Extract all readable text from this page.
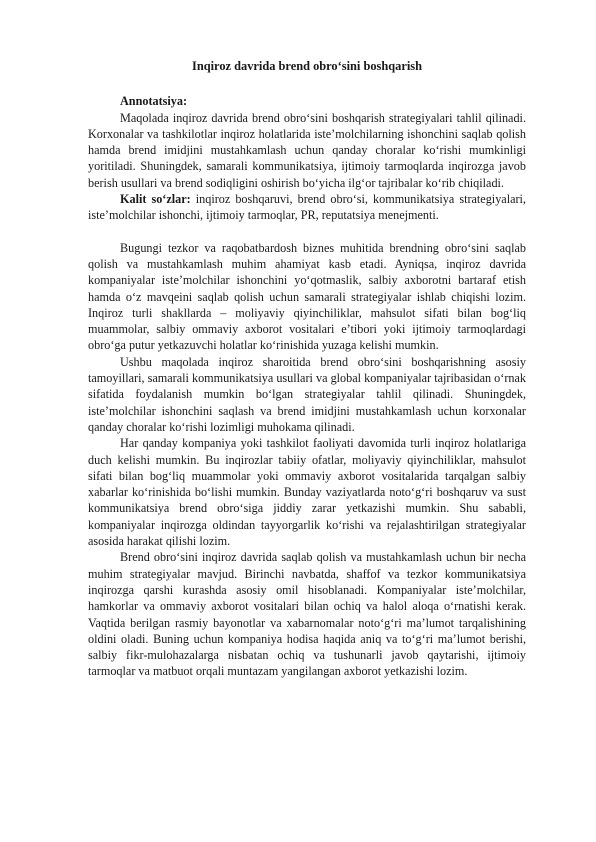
Inqiroz davrida brend obro‘sini boshqarish
Annotatsiya:

Maqolada inqiroz davrida brend obro‘sini boshqarish strategiyalari tahlil qilinadi. Korxonalar va tashkilotlar inqiroz holatlarida iste’molchilarning ishonchini saqlab qolish hamda brend imidjini mustahkamlash uchun qanday choralar ko‘rishi mumkinligi yoritiladi. Shuningdek, samarali kommunikatsiya, ijtimoiy tarmoqlarda inqirozga javob berish usullari va brend sodiqligini oshirish bo‘yicha ilg‘or tajribalar ko‘rib chiqiladi.

Kalit so‘zlar: inqiroz boshqaruvi, brend obro‘si, kommunikatsiya strategiyalari, iste’molchilar ishonchi, ijtimoiy tarmoqlar, PR, reputatsiya menejmenti.

Bugungi tezkor va raqobatbardosh biznes muhitida brendning obro‘sini saqlab qolish va mustahkamlash muhim ahamiyat kasb etadi. Ayniqsa, inqiroz davrida kompaniyalar iste’molchilar ishonchini yo‘qotmaslik, salbiy axborotni bartaraf etish hamda o‘z mavqeini saqlab qolish uchun samarali strategiyalar ishlab chiqishi lozim. Inqiroz turli shakllarda – moliyaviy qiyinchiliklar, mahsulot sifati bilan bog‘liq muammolar, salbiy ommaviy axborot vositalari e’tibori yoki ijtimoiy tarmoqlardagi obro‘ga putur yetkazuvchi holatlar ko‘rinishida yuzaga kelishi mumkin.

Ushbu maqolada inqiroz sharoitida brend obro‘sini boshqarishning asosiy tamoyillari, samarali kommunikatsiya usullari va global kompaniyalar tajribasidan o‘rnak sifatida foydalanish mumkin bo‘lgan strategiyalar tahlil qilinadi. Shuningdek, iste’molchilar ishonchini saqlash va brend imidjini mustahkamlash uchun korxonalar qanday choralar ko‘rishi lozimligi muhokama qilinadi.

Har qanday kompaniya yoki tashkilot faoliyati davomida turli inqiroz holatlariga duch kelishi mumkin. Bu inqirozlar tabiiy ofatlar, moliyaviy qiyinchiliklar, mahsulot sifati bilan bog‘liq muammolar yoki ommaviy axborot vositalarida tarqalgan salbiy xabarlar ko‘rinishida bo‘lishi mumkin. Bunday vaziyatlarda noto‘g‘ri boshqaruv va sust kommunikatsiya brend obro‘siga jiddiy zarar yetkazishi mumkin. Shu sababli, kompaniyalar inqirozga oldindan tayyorgarlik ko‘rishi va rejalashtirilgan strategiyalar asosida harakat qilishi lozim.

Brend obro‘sini inqiroz davrida saqlab qolish va mustahkamlash uchun bir necha muhim strategiyalar mavjud. Birinchi navbatda, shaffof va tezkor kommunikatsiya inqirozga qarshi kurashda asosiy omil hisoblanadi. Kompaniyalar iste’molchilar, hamkorlar va ommaviy axborot vositalari bilan ochiq va halol aloqa o‘rnatishi kerak. Vaqtida berilgan rasmiy bayonotlar va xabarnomalar noto‘g‘ri ma’lumot tarqalishining oldini oladi. Buning uchun kompaniya hodisa haqida aniq va to‘g‘ri ma’lumot berishi, salbiy fikr-mulohazalarga nisbatan ochiq va tushunarli javob qaytarishi, ijtimoiy tarmoqlar va matbuot orqali muntazam yangilangan axborot yetkazishi lozim.
